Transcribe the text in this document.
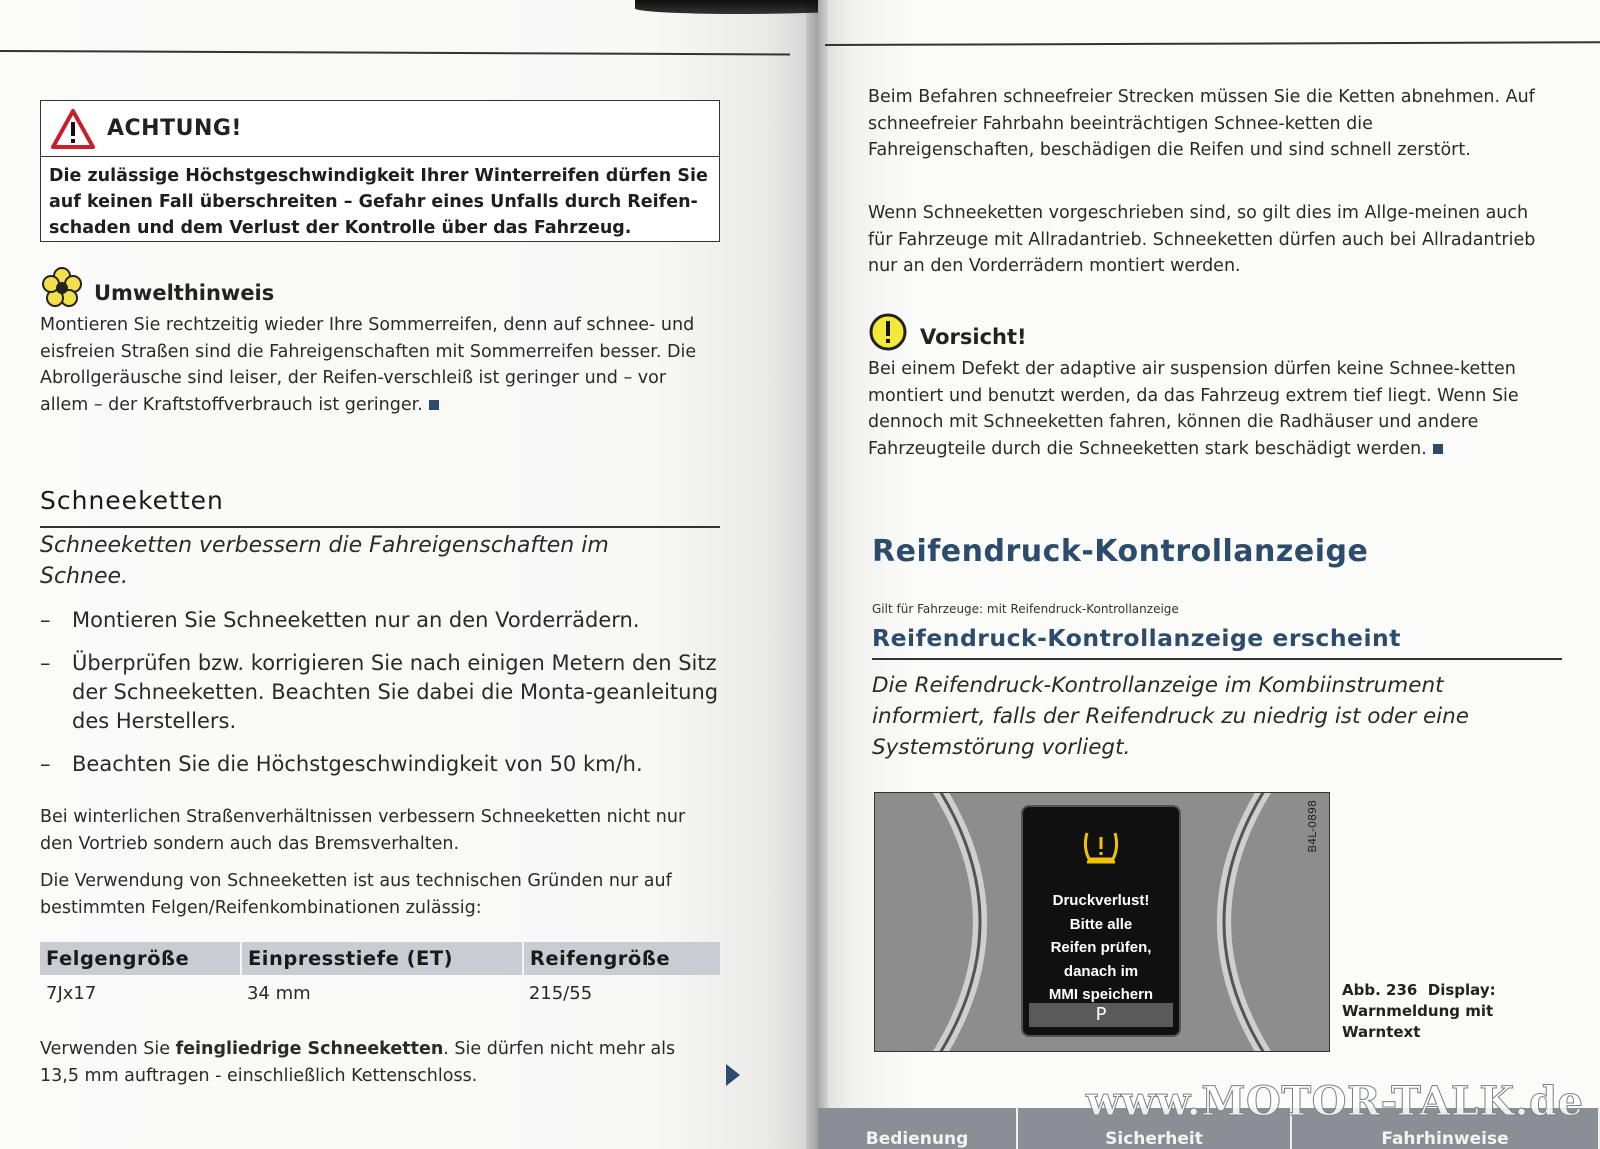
ACHTUNG!
Die zulässige Höchstgeschwindigkeit Ihrer Winterreifen dürfen Sie auf keinen Fall überschreiten – Gefahr eines Unfalls durch Reifen-schaden und dem Verlust der Kontrolle über das Fahrzeug.
Umwelthinweis
Montieren Sie rechtzeitig wieder Ihre Sommerreifen, denn auf schnee- und eisfreien Straßen sind die Fahreigenschaften mit Sommerreifen besser. Die Abrollgeräusche sind leiser, der Reifen-verschleiß ist geringer und – vor allem – der Kraftstoffverbrauch ist geringer.
Schneeketten
Schneeketten verbessern die Fahreigenschaften im Schnee.
– Montieren Sie Schneeketten nur an den Vorderrädern.
– Überprüfen bzw. korrigieren Sie nach einigen Metern den Sitz der Schneeketten. Beachten Sie dabei die Monta-geanleitung des Herstellers.
– Beachten Sie die Höchstgeschwindigkeit von 50 km/h.
Bei winterlichen Straßenverhältnissen verbessern Schneeketten nicht nur den Vortrieb sondern auch das Bremsverhalten.
Die Verwendung von Schneeketten ist aus technischen Gründen nur auf bestimmten Felgen/Reifenkombinationen zulässig:
Felgengröße	Einpresstiefe (ET)	Reifengröße
7Jx17	34 mm	215/55
Verwenden Sie feingliedrige Schneeketten. Sie dürfen nicht mehr als 13,5 mm auftragen - einschließlich Kettenschloss.
Beim Befahren schneefreier Strecken müssen Sie die Ketten abnehmen. Auf schneefreier Fahrbahn beeinträchtigen Schnee-ketten die Fahreigenschaften, beschädigen die Reifen und sind schnell zerstört.
Wenn Schneeketten vorgeschrieben sind, so gilt dies im Allge-meinen auch für Fahrzeuge mit Allradantrieb. Schneeketten dürfen auch bei Allradantrieb nur an den Vorderrädern montiert werden.
Vorsicht!
Bei einem Defekt der adaptive air suspension dürfen keine Schnee-ketten montiert und benutzt werden, da das Fahrzeug extrem tief liegt. Wenn Sie dennoch mit Schneeketten fahren, können die Radhäuser und andere Fahrzeugteile durch die Schneeketten stark beschädigt werden.
Reifendruck-Kontrollanzeige
Gilt für Fahrzeuge: mit Reifendruck-Kontrollanzeige
Reifendruck-Kontrollanzeige erscheint
Die Reifendruck-Kontrollanzeige im Kombiinstrument informiert, falls der Reifendruck zu niedrig ist oder eine Systemstörung vorliegt.
Druckverlust!
Bitte alle
Reifen prüfen,
danach im
MMI speichern
P
B4L-0898
Abb. 236 Display: Warnmeldung mit Warntext
Bedienung	Sicherheit	Fahrhinweise
www.MOTOR-TALK.de
